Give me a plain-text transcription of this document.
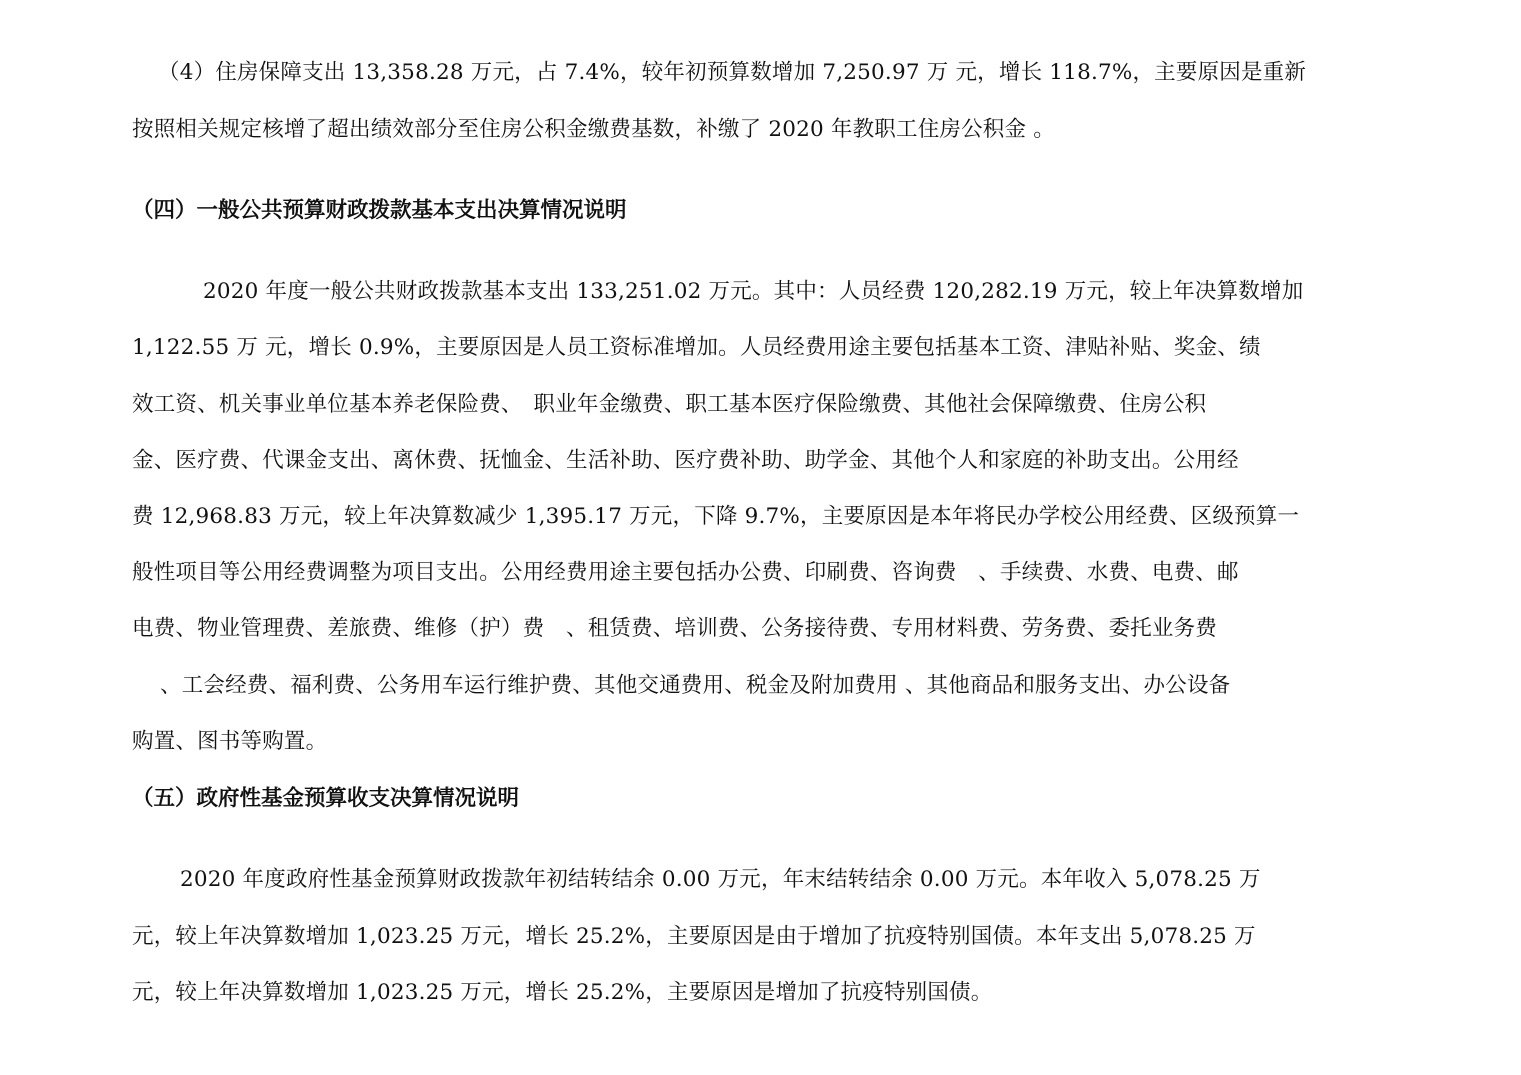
（4）住房保障支出 13,358.28 万元，占 7.4%，较年初预算数增加 7,250.97 万 元，增长 118.7%，主要原因是重新
按照相关规定核增了超出绩效部分至住房公积金缴费基数，补缴了 2020 年教职工住房公积金 。
（四）一般公共预算财政拨款基本支出决算情况说明
2020 年度一般公共财政拨款基本支出 133,251.02 万元。其中：人员经费 120,282.19 万元，较上年决算数增加
1,122.55 万 元，增长 0.9%，主要原因是人员工资标准增加。人员经费用途主要包括基本工资、津贴补贴、奖金、绩
效工资、机关事业单位基本养老保险费、　职业年金缴费、职工基本医疗保险缴费、其他社会保障缴费、住房公积
金、医疗费、代课金支出、离休费、抚恤金、生活补助、医疗费补助、助学金、其他个人和家庭的补助支出。公用经
费 12,968.83 万元，较上年决算数减少 1,395.17 万元，下降 9.7%，主要原因是本年将民办学校公用经费、区级预算一
般性项目等公用经费调整为项目支出。公用经费用途主要包括办公费、印刷费、咨询费　、手续费、水费、电费、邮
电费、物业管理费、差旅费、维修（护）费　、租赁费、培训费、公务接待费、专用材料费、劳务费、委托业务费
、工会经费、福利费、公务用车运行维护费、其他交通费用、税金及附加费用 、其他商品和服务支出、办公设备
购置、图书等购置。
（五）政府性基金预算收支决算情况说明
2020 年度政府性基金预算财政拨款年初结转结余 0.00 万元，年末结转结余 0.00 万元。本年收入 5,078.25 万
元，较上年决算数增加 1,023.25 万元，增长 25.2%，主要原因是由于增加了抗疫特别国债。本年支出 5,078.25 万
元，较上年决算数增加 1,023.25 万元，增长 25.2%，主要原因是增加了抗疫特别国债。
